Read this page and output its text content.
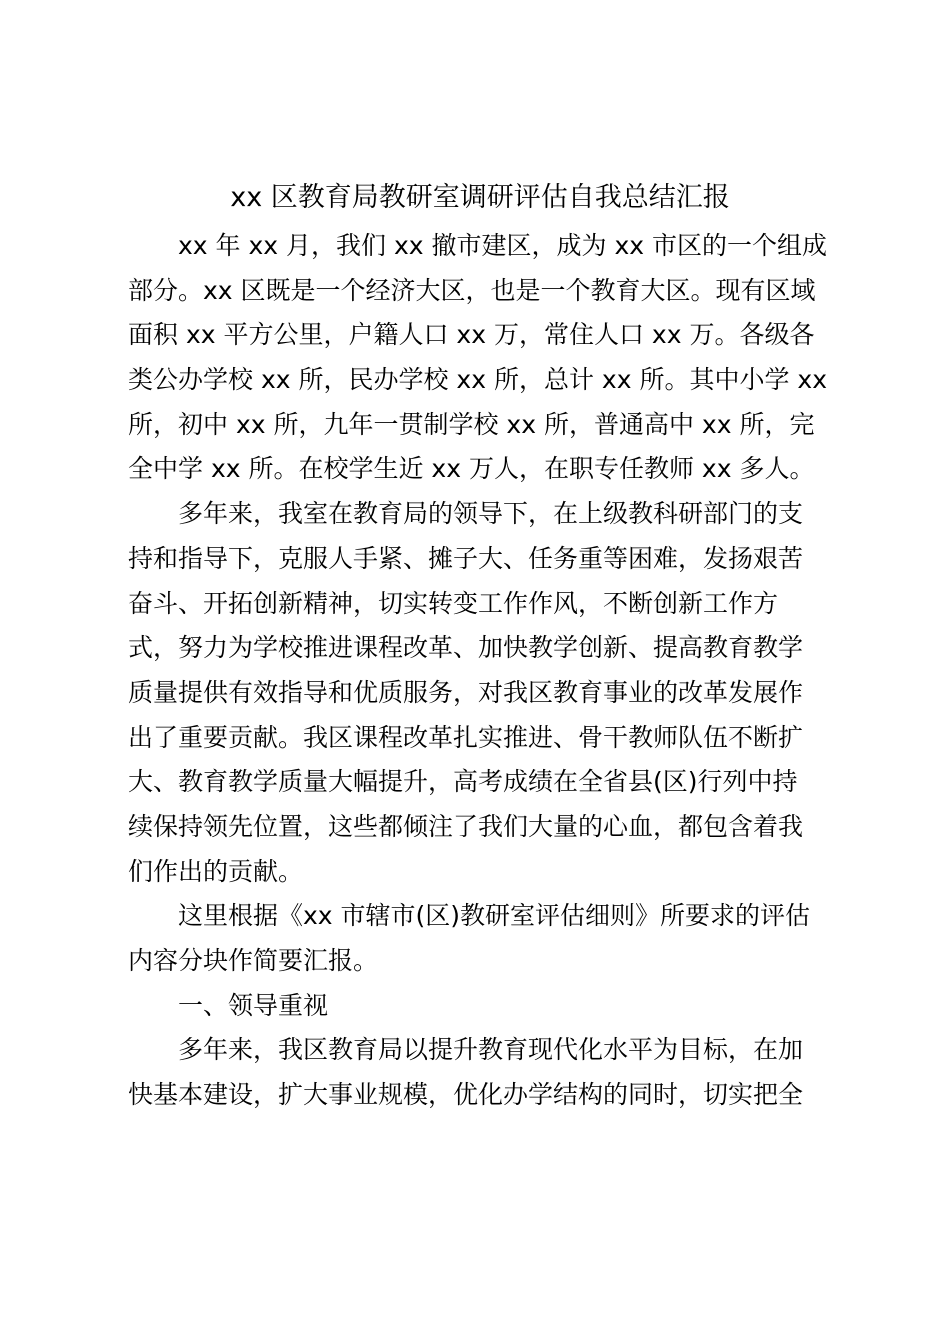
xx 区教育局教研室调研评估自我总结汇报
xx 年 xx 月，我们 xx 撤市建区，成为 xx 市区的一个组成
部分。xx 区既是一个经济大区，也是一个教育大区。现有区域
面积 xx 平方公里，户籍人口 xx 万，常住人口 xx 万。各级各
类公办学校 xx 所，民办学校 xx 所，总计 xx 所。其中小学 xx
所，初中 xx 所，九年一贯制学校 xx 所，普通高中 xx 所，完
全中学 xx 所。在校学生近 xx 万人，在职专任教师 xx 多人。
多年来，我室在教育局的领导下，在上级教科研部门的支
持和指导下，克服人手紧、摊子大、任务重等困难，发扬艰苦
奋斗、开拓创新精神，切实转变工作作风，不断创新工作方
式，努力为学校推进课程改革、加快教学创新、提高教育教学
质量提供有效指导和优质服务，对我区教育事业的改革发展作
出了重要贡献。我区课程改革扎实推进、骨干教师队伍不断扩
大、教育教学质量大幅提升，高考成绩在全省县(区)行列中持
续保持领先位置，这些都倾注了我们大量的心血，都包含着我
们作出的贡献。
这里根据《xx 市辖市(区)教研室评估细则》所要求的评估
内容分块作简要汇报。
一、领导重视
多年来，我区教育局以提升教育现代化水平为目标，在加
快基本建设，扩大事业规模，优化办学结构的同时，切实把全
